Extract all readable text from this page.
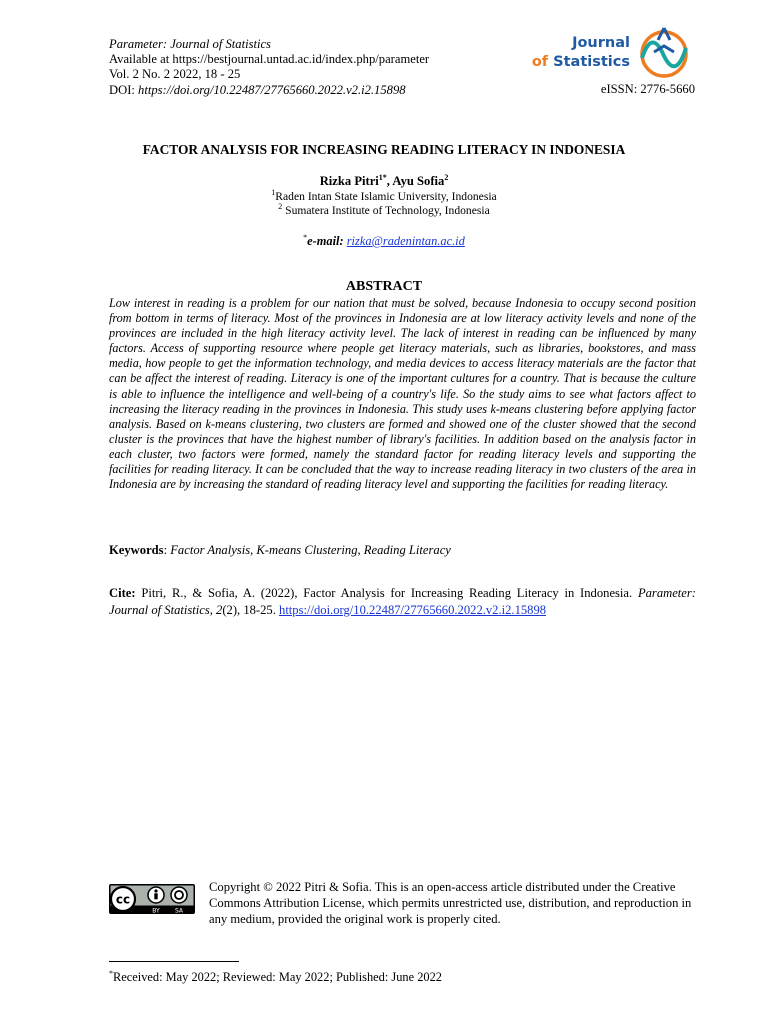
Parameter: Journal of Statistics
Available at https://bestjournal.untad.ac.id/index.php/parameter
Vol. 2 No. 2 2022, 18 - 25
DOI: https://doi.org/10.22487/27765660.2022.v2.i2.15898
Journal
of Statistics
eISSN: 2776-5660
FACTOR ANALYSIS FOR INCREASING READING LITERACY IN INDONESIA
Rizka Pitri$^{1*}$, Ayu Sofia$^2$
$^1$Raden Intan State Islamic University, Indonesia
$^2$ Sumatera Institute of Technology, Indonesia
*e-mail: rizka@radenintan.ac.id
ABSTRACT
Low interest in reading is a problem for our nation that must be solved, because Indonesia to occupy second position from bottom in terms of literacy. Most of the provinces in Indonesia are at low literacy activity levels and none of the provinces are included in the high literacy activity level. The lack of interest in reading can be influenced by many factors. Access of supporting resource where people get literacy materials, such as libraries, bookstores, and mass media, how people to get the information technology, and media devices to access literacy materials are the factor that can be affect the interest of reading. Literacy is one of the important cultures for a country. That is because the culture is able to influence the intelligence and well-being of a country's life. So the study aims to see what factors affect to increasing the literacy reading in the provinces in Indonesia. This study uses k-means clustering before applying factor analysis. Based on k-means clustering, two clusters are formed and showed one of the cluster showed that the second cluster is the provinces that have the highest number of library's facilities. In addition based on the analysis factor in each cluster, two factors were formed, namely the standard factor for reading literacy levels and supporting the facilities for reading literacy. It can be concluded that the way to increase reading literacy in two clusters of the area in Indonesia are by increasing the standard of reading literacy level and supporting the facilities for reading literacy.
Keywords: Factor Analysis, K-means Clustering, Reading Literacy
Cite: Pitri, R., & Sofia, A. (2022), Factor Analysis for Increasing Reading Literacy in Indonesia. Parameter: Journal of Statistics, 2(2), 18-25. https://doi.org/10.22487/27765660.2022.v2.i2.15898
cc
BY	SA
Copyright © 2022 Pitri & Sofia. This is an open-access article distributed under the Creative Commons Attribution License, which permits unrestricted use, distribution, and reproduction in any medium, provided the original work is properly cited.
*Received: May 2022; Reviewed: May 2022; Published: June 2022
